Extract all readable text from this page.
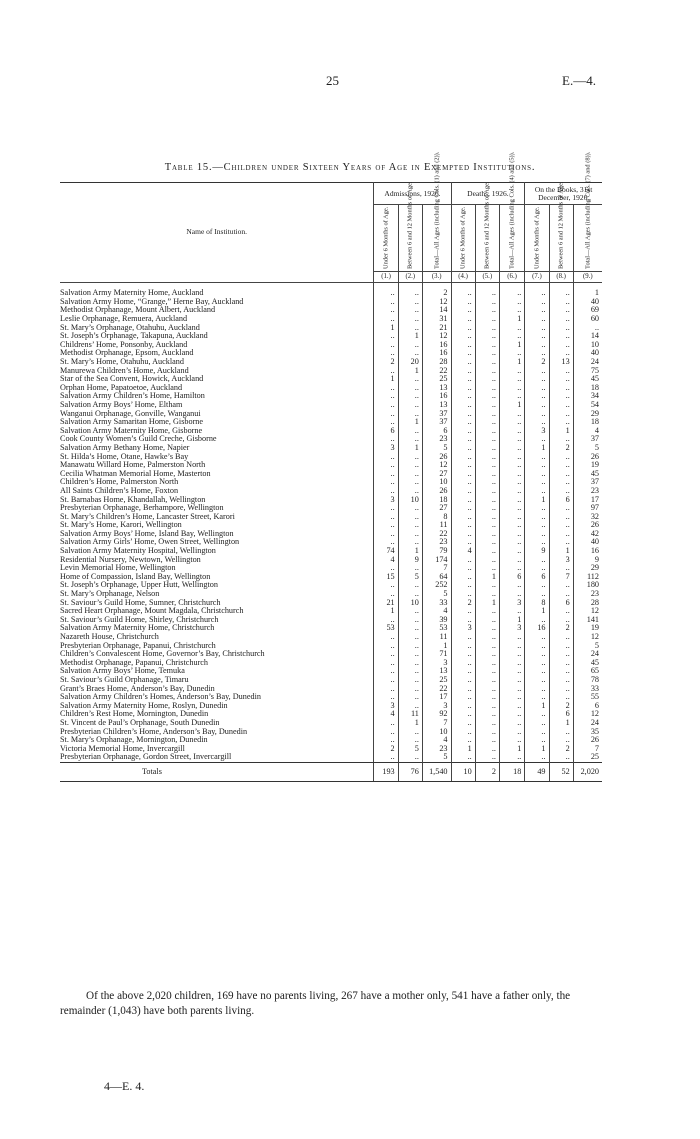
25	E.—4.
Table 15.—Children under Sixteen Years of Age in Exempted Institutions.
Name of Institution.	Admissions, 1926.			Deaths, 1926.			On the Books, 31st December, 1926.		

	Under 6 Months of Age.	Between 6 and 12 Months of Age.	Total—All Ages (including Cols. (1) and (2)).	Under 6 Months of Age.	Between 6 and 12 Months of Age.	Total—All Ages (including Cols. (4) and (5)).	Under 6 Months of Age.	Between 6 and 12 Months of Age.	Total—All Ages (including Cols. (7) and (8)).

	(1.)	(2.)	(3.)	(4.)	(5.)	(6.)	(7.)	(8.)	(9.)
Salvation Army Maternity Home, Auckland		..	..	2	..	..	..	..	..	1
Salvation Army Home, “Grange,” Herne Bay, Auckland		..	..	12	..	..	..	..	..	40
Methodist Orphanage, Mount Albert, Auckland		..	..	14	..	..	..	..	..	69
Leslie Orphanage, Remuera, Auckland		..	..	31	..	..	1	..	..	60
St. Mary’s Orphanage, Otahuhu, Auckland		1	..	21	..	..	..	..	..	..
St. Joseph’s Orphanage, Takapuna, Auckland		..	1	12	..	..	..	..	..	14
Childrens’ Home, Ponsonby, Auckland		..	..	16	..	..	1	..	..	10
Methodist Orphanage, Epsom, Auckland		..	..	16	..	..	..	..	..	40
St. Mary’s Home, Otahuhu, Auckland		2	20	28	..	..	1	2	13	24
Manurewa Children’s Home, Auckland		..	1	22	..	..	..	..	..	75
Star of the Sea Convent, Howick, Auckland		1	..	25	..	..	..	..	..	45
Orphan Home, Papatoetoe, Auckland		..	..	13	..	..	..	..	..	18
Salvation Army Children’s Home, Hamilton		..	..	16	..	..	..	..	..	34
Salvation Army Boys’ Home, Eltham		..	..	13	..	..	1	..	..	54
Wanganui Orphanage, Gonville, Wanganui		..	..	37	..	..	..	..	..	29
Salvation Army Samaritan Home, Gisborne		..	1	37	..	..	..	..	..	18
Salvation Army Maternity Home, Gisborne		6	..	6	..	..	..	3	1	4
Cook County Women’s Guild Creche, Gisborne		..	..	23	..	..	..	..	..	37
Salvation Army Bethany Home, Napier		3	1	5	..	..	..	1	2	5
St. Hilda’s Home, Otane, Hawke’s Bay		..	..	26	..	..	..	..	..	26
Manawatu Willard Home, Palmerston North		..	..	12	..	..	..	..	..	19
Cecilia Whatman Memorial Home, Masterton		..	..	27	..	..	..	..	..	45
Children’s Home, Palmerston North		..	..	10	..	..	..	..	..	37
All Saints Children’s Home, Foxton		..	..	26	..	..	..	..	..	23
St. Barnabas Home, Khandallah, Wellington		3	10	18	..	..	..	1	6	17
Presbyterian Orphanage, Berhampore, Wellington		..	..	27	..	..	..	..	..	97
St. Mary’s Children’s Home, Lancaster Street, Karori		..	..	8	..	..	..	..	..	32
St. Mary’s Home, Karori, Wellington		..	..	11	..	..	..	..	..	26
Salvation Army Boys’ Home, Island Bay, Wellington		..	..	22	..	..	..	..	..	42
Salvation Army Girls’ Home, Owen Street, Wellington		..	..	23	..	..	..	..	..	40
Salvation Army Maternity Hospital, Wellington		74	1	79	4	..	..	9	1	16
Residential Nursery, Newtown, Wellington		4	9	174	..	..	..	..	3	9
Levin Memorial Home, Wellington		..	..	7	..	..	..	..	..	29
Home of Compassion, Island Bay, Wellington		15	5	64	..	1	6	6	7	112
St. Joseph’s Orphanage, Upper Hutt, Wellington		..	..	252	..	..	..	..	..	180
St. Mary’s Orphanage, Nelson		..	..	5	..	..	..	..	..	23
St. Saviour’s Guild Home, Sumner, Christchurch		21	10	33	2	1	3	8	6	28
Sacred Heart Orphanage, Mount Magdala, Christchurch		1	..	4	..	..	..	1	..	12
St. Saviour’s Guild Home, Shirley, Christchurch		..	..	39	..	..	1	..	..	141
Salvation Army Maternity Home, Christchurch		53	..	53	3	..	3	16	2	19
Nazareth House, Christchurch		..	..	11	..	..	..	..	..	12
Presbyterian Orphanage, Papanui, Christchurch		..	..	1	..	..	..	..	..	5
Children’s Convalescent Home, Governor’s Bay, Christchurch		..	..	71	..	..	..	..	..	24
Methodist Orphanage, Papanui, Christchurch		..	..	3	..	..	..	..	..	45
Salvation Army Boys’ Home, Temuka		..	..	13	..	..	..	..	..	65
St. Saviour’s Guild Orphanage, Timaru		..	..	25	..	..	..	..	..	78
Grant’s Braes Home, Anderson’s Bay, Dunedin		..	..	22	..	..	..	..	..	33
Salvation Army Children’s Homes, Anderson’s Bay, Dunedin		..	..	17	..	..	..	..	..	55
Salvation Army Maternity Home, Roslyn, Dunedin		3	..	3	..	..	..	1	2	6
Children’s Rest Home, Mornington, Dunedin		4	11	92	..	..	..	..	6	12
St. Vincent de Paul’s Orphanage, South Dunedin		..	1	7	..	..	..	..	1	24
Presbyterian Children’s Home, Anderson’s Bay, Dunedin		..	..	10	..	..	..	..	..	35
St. Mary’s Orphanage, Mornington, Dunedin		..	..	4	..	..	..	..	..	26
Victoria Memorial Home, Invercargill		2	5	23	1	..	1	1	2	7
Presbyterian Orphanage, Gordon Street, Invercargill		..	..	5	..	..	..	..	..	25
Totals		193	76	1,540	10	2	18	49	52	2,020

Of the above 2,020 children, 169 have no parents living, 267 have a mother only, 541 have a father only, the remainder (1,043) have both parents living.

4—E. 4.
